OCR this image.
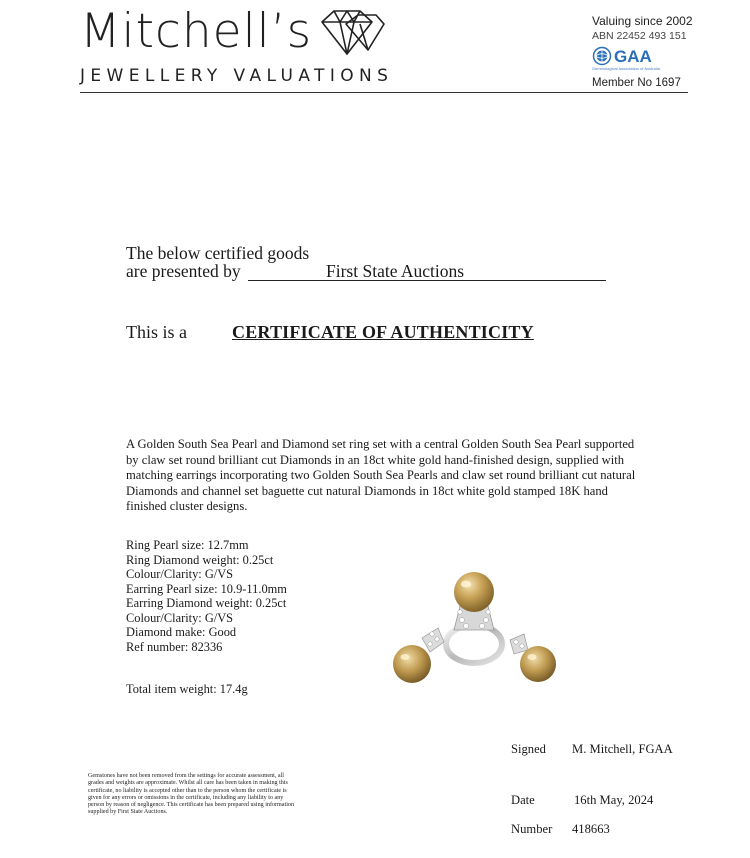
Mitchell’s
JEWELLERY VALUATIONS
Valuing since 2002
ABN 22452 493 151
GAA
Gemmological Association of Australia
Member No 1697
The below certified goods
are presented by	First State Auctions
This is a	CERTIFICATE OF AUTHENTICITY
A Golden South Sea Pearl and Diamond set ring set with a central Golden South Sea Pearl supported by claw set round brilliant cut Diamonds in an 18ct white gold hand-finished design, supplied with matching earrings incorporating two Golden South Sea Pearls and claw set round brilliant cut natural Diamonds and channel set baguette cut natural Diamonds in 18ct white gold stamped 18K hand finished cluster designs.
Ring Pearl size: 12.7mm
Ring Diamond weight: 0.25ct
Colour/Clarity: G/VS
Earring Pearl size: 10.9-11.0mm
Earring Diamond weight: 0.25ct
Colour/Clarity: G/VS
Diamond make: Good
Ref number: 82336
Total item weight: 17.4g
Signed M. Mitchell, FGAA
Date	16th May, 2024
Number 418663
Gemstones have not been removed from the settings for accurate assessment, all grades and weights are approximate. Whilst all care has been taken in making this certificate, no liability is accepted other than to the person whom the certificate is given for any errors or omissions in the certificate, including any liability to any person by reason of negligence. This certificate has been prepared using information supplied by First State Auctions.
